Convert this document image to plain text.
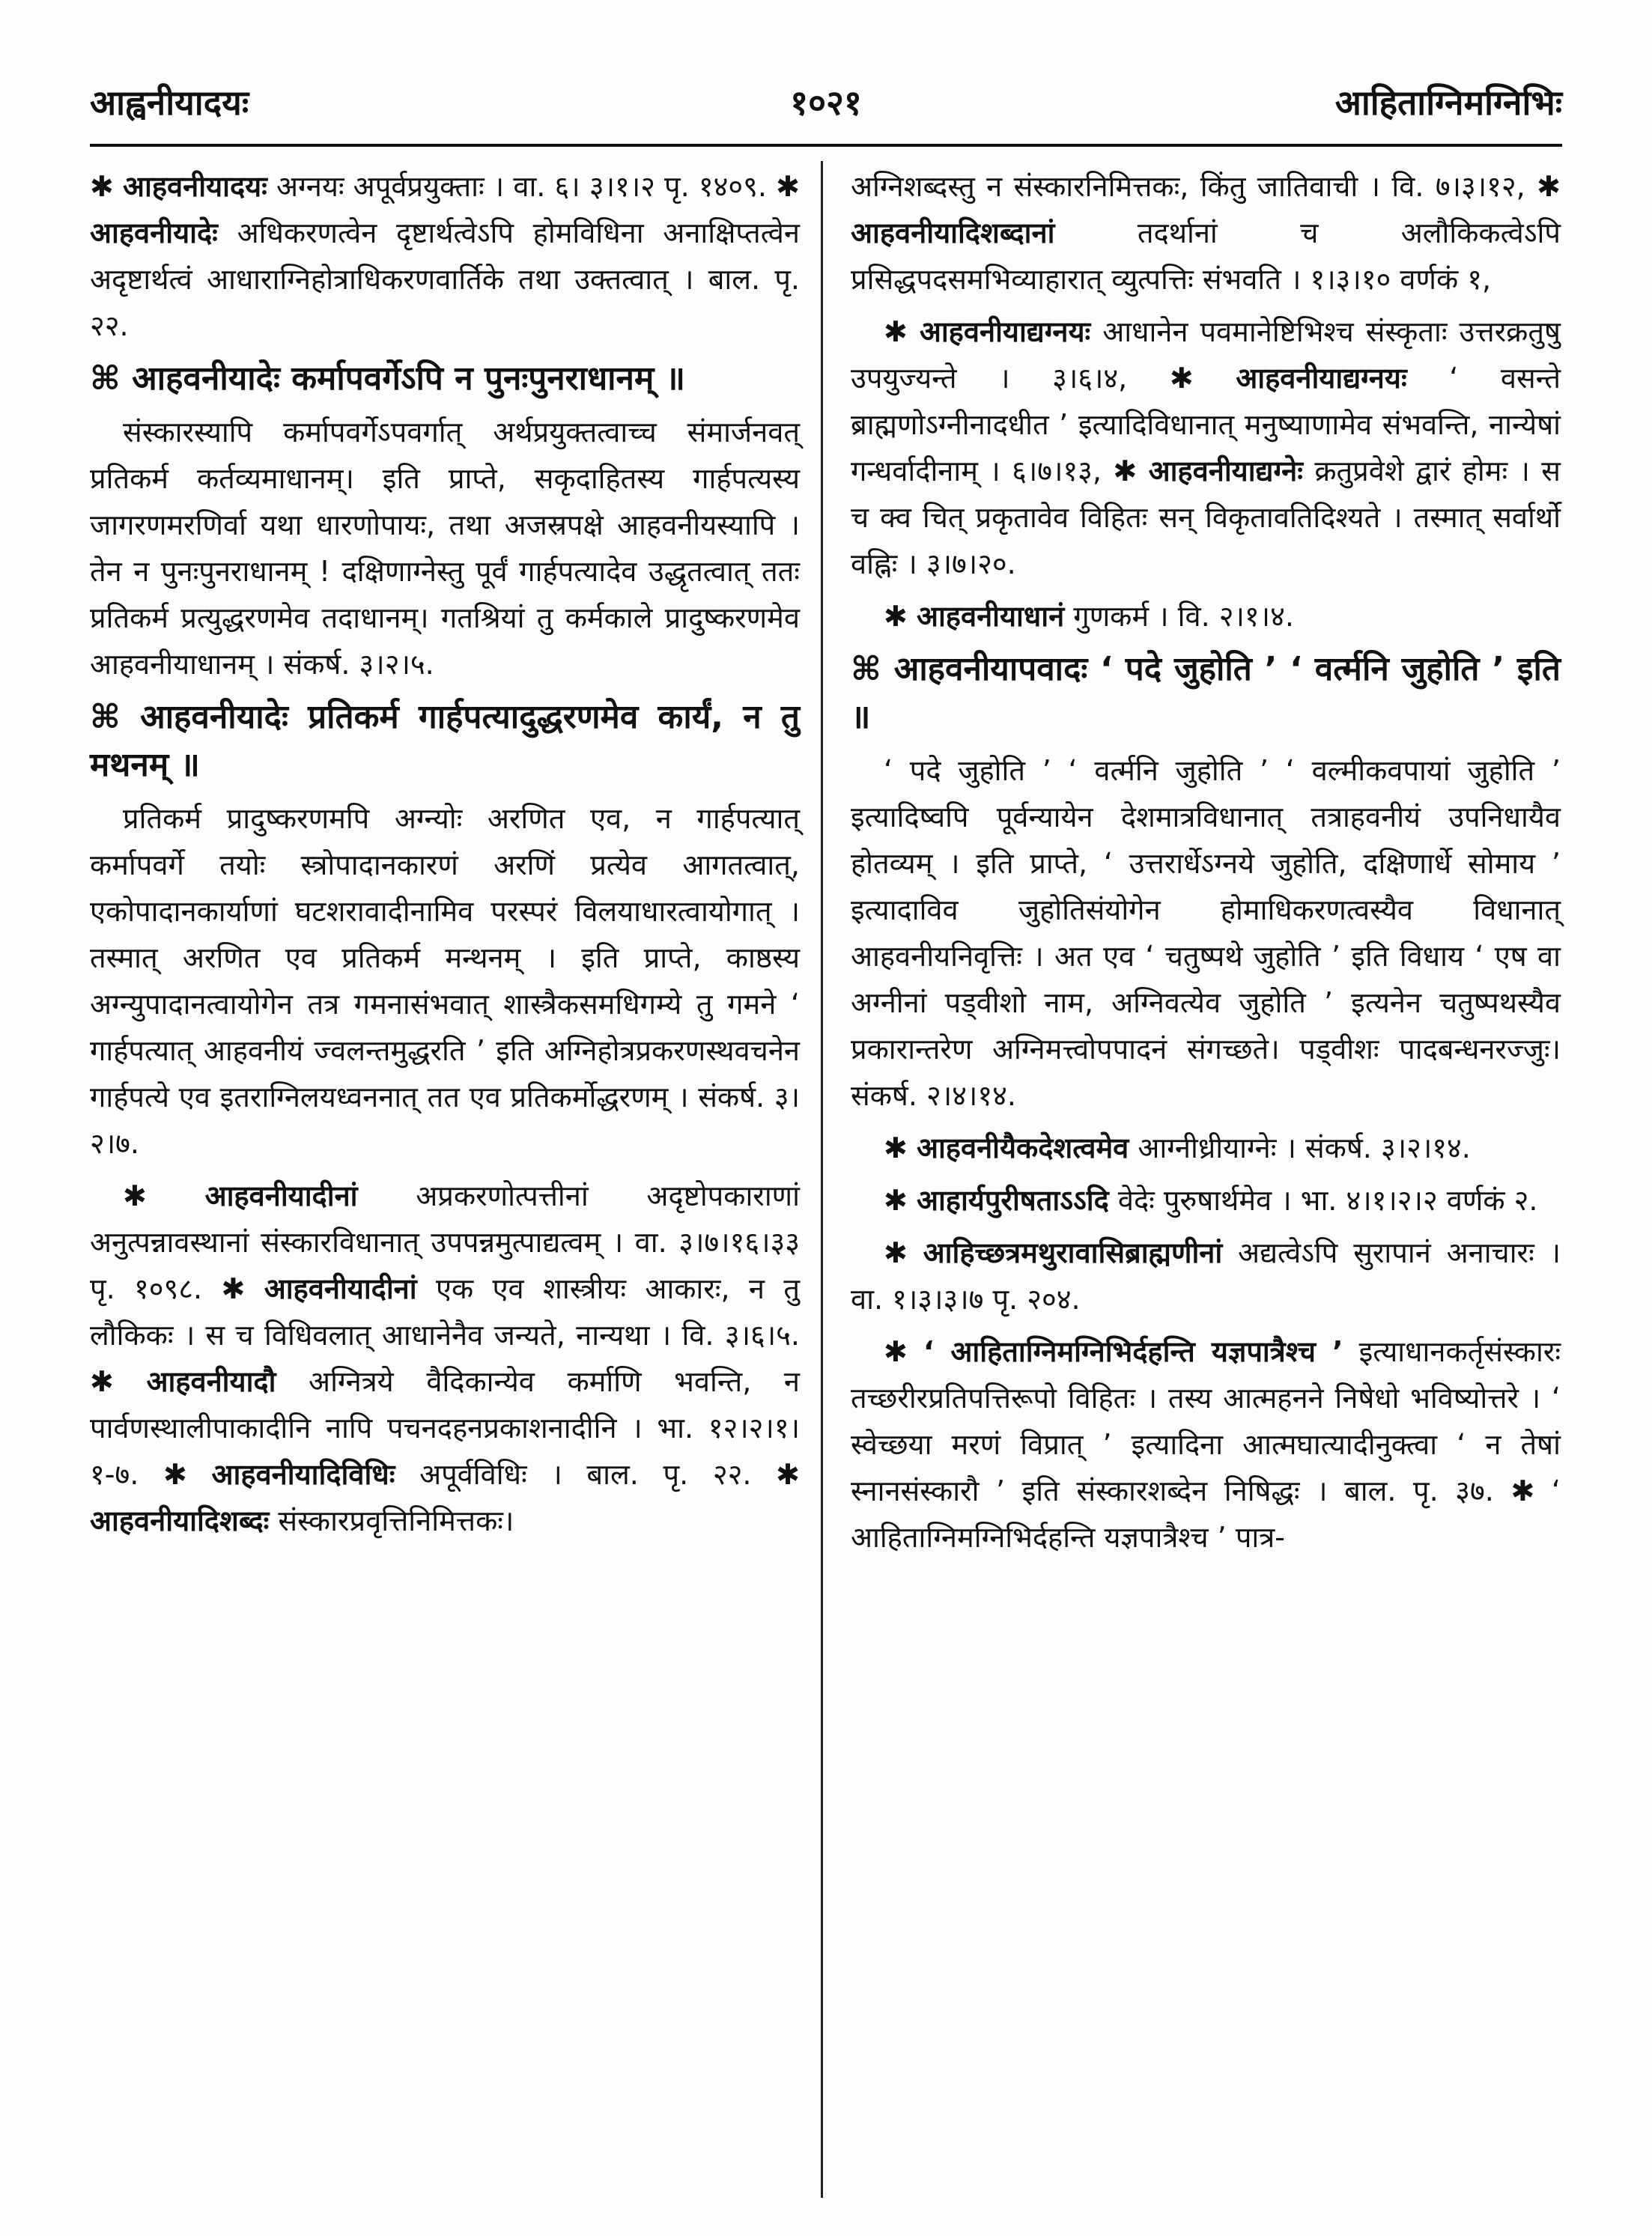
आह्वनीयादयः	१०२१	आहिताग्निमग्निभिः

✱ आहवनीयादयः अग्नयः अपूर्वप्रयुक्ताः । वा. ६। ३।१।२ पृ. १४०९. ✱ आहवनीयादेः अधिकरणत्वेन दृष्टार्थत्वेऽपि होमविधिना अनाक्षिप्तत्वेन अदृष्टार्थत्वं आधाराग्निहोत्राधिकरणवार्तिके तथा उक्तत्वात् । बाल. पृ. २२.

⌘ आहवनीयादेः कर्मापवर्गेऽपि न पुनःपुनराधानम् ॥

संस्कारस्यापि कर्मापवर्गेऽपवर्गात् अर्थप्रयुक्तत्वाच्च संमार्जनवत् प्रतिकर्म कर्तव्यमाधानम्। इति प्राप्ते, सकृदाहितस्य गार्हपत्यस्य जागरणमरणिर्वा यथा धारणोपायः, तथा अजस्रपक्षे आहवनीयस्यापि । तेन न पुनःपुनराधानम् ! दक्षिणाग्नेस्तु पूर्वं गार्हपत्यादेव उद्धृतत्वात् ततः प्रतिकर्म प्रत्युद्धरणमेव तदाधानम्। गतश्रियां तु कर्मकाले प्रादुष्करणमेव आहवनीयाधानम् । संकर्ष. ३।२।५.

⌘ आहवनीयादेः प्रतिकर्म गार्हपत्यादुद्धरणमेव कार्यं, न तु मथनम् ॥

प्रतिकर्म प्रादुष्करणमपि अग्न्योः अरणित एव, न गार्हपत्यात् कर्मापवर्गे तयोः स्त्रोपादानकारणं अरणिं प्रत्येव आगतत्वात्, एकोपादानकार्याणां घटशरावादीनामिव परस्परं विलयाधारत्वायोगात् । तस्मात् अरणित एव प्रतिकर्म मन्थनम् । इति प्राप्ते, काष्ठस्य अग्न्युपादानत्वायोगेन तत्र गमनासंभवात् शास्त्रैकसमधिगम्ये तु गमने ‘ गार्हपत्यात् आहवनीयं ज्वलन्तमुद्धरति ’ इति अग्निहोत्रप्रकरणस्थवचनेन गार्हपत्ये एव इतराग्निलयध्वननात् तत एव प्रतिकर्मोद्धरणम् । संकर्ष. ३।२।७.

✱ आहवनीयादीनां अप्रकरणोत्पत्तीनां अदृष्टोपकाराणां अनुत्पन्नावस्थानां संस्कारविधानात् उपपन्नमुत्पाद्यत्वम् । वा. ३।७।१६।३३ पृ. १०९८. ✱ आहवनीयादीनां एक एव शास्त्रीयः आकारः, न तु लौकिकः । स च विधिवलात् आधानेनैव जन्यते, नान्यथा । वि. ३।६।५. ✱ आहवनीयादौ अग्नित्रये वैदिकान्येव कर्माणि भवन्ति, न पार्वणस्थालीपाकादीनि नापि पचनदहनप्रकाशनादीनि । भा. १२।२।१।१-७. ✱ आहवनीयादिविधिः अपूर्वविधिः । बाल. पृ. २२. ✱ आहवनीयादिशब्दः संस्कारप्रवृत्तिनिमित्तकः।

अग्निशब्दस्तु न संस्कारनिमित्तकः, किंतु जातिवाची । वि. ७।३।१२, ✱ आहवनीयादिशब्दानां	तदर्थानां च अलौकिकत्वेऽपि प्रसिद्धपदसमभिव्याहारात् व्युत्पत्तिः संभवति । १।३।१० वर्णकं १,

✱ आहवनीयाद्यग्नयः आधानेन पवमानेष्टिभिश्च संस्कृताः उत्तरक्रतुषु उपयुज्यन्ते । ३।६।४, ✱ आहवनीयाद्यग्नयः ‘ वसन्ते ब्राह्मणोऽग्नीनादधीत ’ इत्यादिविधानात् मनुष्याणामेव संभवन्ति, नान्येषां गन्धर्वादीनाम् । ६।७।१३, ✱ आहवनीयाद्यग्नेः क्रतुप्रवेशे द्वारं होमः । स च क्व चित् प्रकृतावेव विहितः सन् विकृतावतिदिश्यते । तस्मात् सर्वार्थो वह्निः । ३।७।२०.

✱ आहवनीयाधानं गुणकर्म । वि. २।१।४.

⌘ आहवनीयापवादः ‘ पदे जुहोति ’ ‘ वर्त्मनि जुहोति ’ इति ॥

‘ पदे जुहोति ’ ‘ वर्त्मनि जुहोति ’ ‘ वल्मीकवपायां जुहोति ’ इत्यादिष्वपि पूर्वन्यायेन देशमात्रविधानात् तत्राहवनीयं उपनिधायैव होतव्यम् । इति प्राप्ते, ‘ उत्तरार्धेऽग्नये जुहोति, दक्षिणार्धे सोमाय ’ इत्यादाविव जुहोतिसंयोगेन होमाधिकरणत्वस्यैव विधानात् आहवनीयनिवृत्तिः । अत एव ‘ चतुष्पथे जुहोति ’ इति विधाय ‘ एष वा अग्नीनां पड्वीशो नाम, अग्निवत्येव जुहोति ’ इत्यनेन चतुष्पथस्यैव प्रकारान्तरेण अग्निमत्त्वोपपादनं संगच्छते। पड्वीशः पादबन्धनरज्जुः। संकर्ष. २।४।१४.

✱ आहवनीयैकदेशत्वमेव आग्नीध्रीयाग्नेः । संकर्ष. ३।२।१४.

✱ आहार्यपुरीषताऽऽदि वेदेः पुरुषार्थमेव । भा. ४।१।२।२ वर्णकं २.

✱ आहिच्छत्रमथुरावासिब्राह्मणीनां अद्यत्वेऽपि सुरापानं अनाचारः । वा. १।३।३।७ पृ. २०४.

✱ ‘ आहिताग्निमग्निभिर्दहन्ति यज्ञपात्रैश्च ’ इत्याधानकर्तृसंस्कारः तच्छरीरप्रतिपत्तिरूपो विहितः । तस्य आत्महनने निषेधो भविष्योत्तरे । ‘ स्वेच्छया मरणं विप्रात् ’ इत्यादिना आत्मघात्यादीनुक्त्वा ‘ न तेषां स्नानसंस्कारौ ’ इति संस्कारशब्देन निषिद्धः । बाल. पृ. ३७. ✱ ‘ आहिताग्निमग्निभिर्दहन्ति यज्ञपात्रैश्च ’ पात्र-
